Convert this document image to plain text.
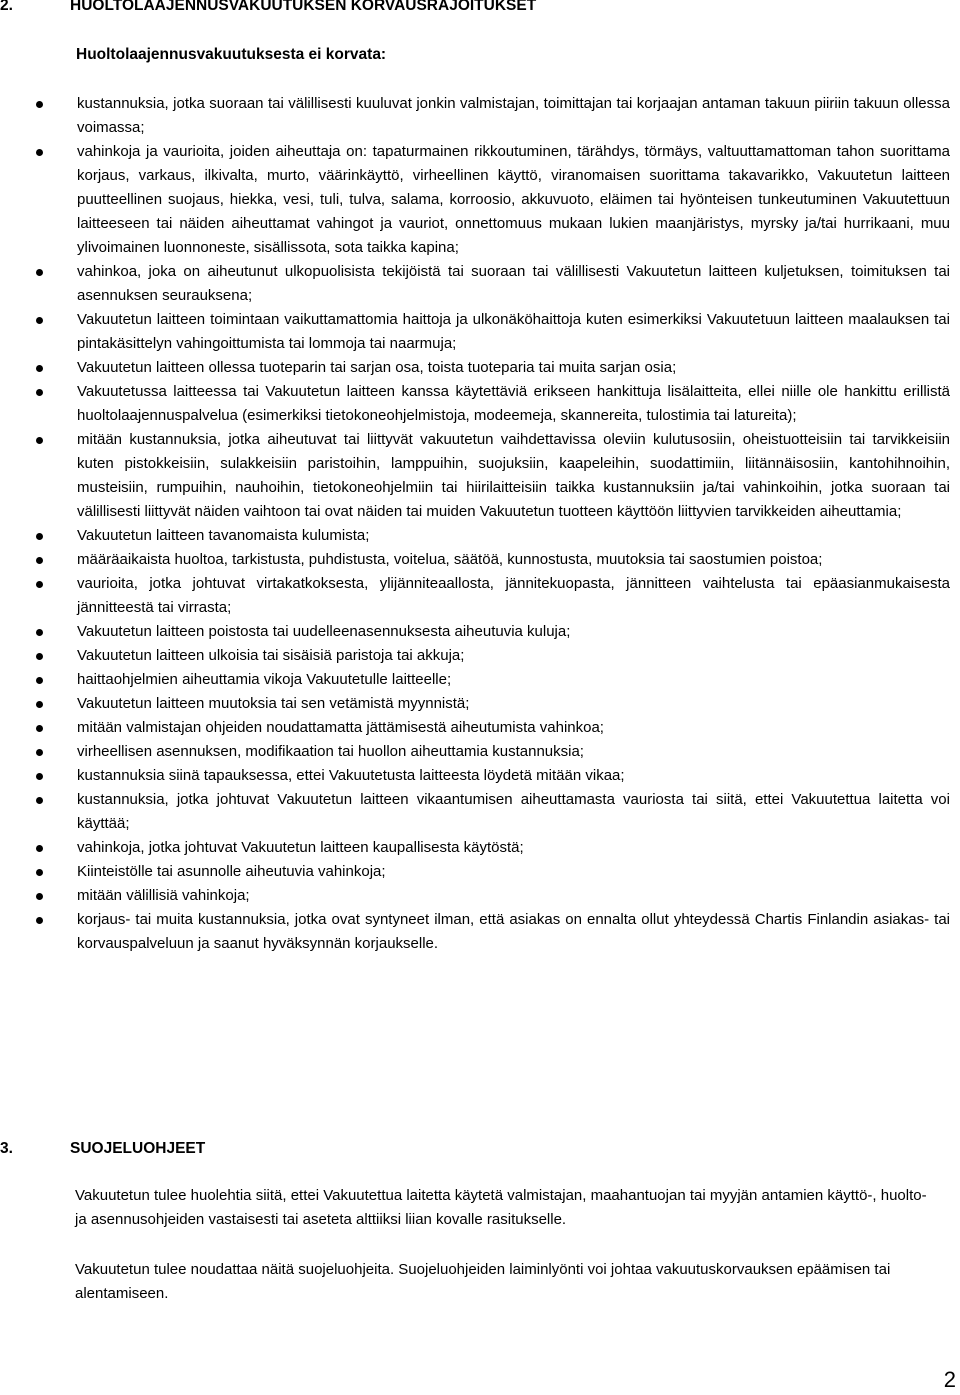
2.	HUOLTOLAAJENNUSVAKUUTUKSEN KORVAUSRAJOITUKSET
Huoltolaajennusvakuutuksesta ei korvata:
kustannuksia, jotka suoraan tai välillisesti kuuluvat jonkin valmistajan, toimittajan tai korjaajan antaman takuun piiriin takuun ollessa voimassa;
vahinkoja ja vaurioita, joiden aiheuttaja on: tapaturmainen rikkoutuminen, tärähdys, törmäys, valtuuttamattoman tahon suorittama korjaus, varkaus, ilkivalta, murto, väärinkäyttö, virheellinen käyttö, viranomaisen suorittama takavarikko, Vakuutetun laitteen puutteellinen suojaus, hiekka, vesi, tuli, tulva, salama, korroosio, akkuvuoto, eläimen tai hyönteisen tunkeutuminen Vakuutettuun laitteeseen tai näiden aiheuttamat vahingot ja vauriot, onnettomuus mukaan lukien maanjäristys, myrsky ja/tai hurrikaani, muu ylivoimainen luonnoneste, sisällissota, sota taikka kapina;
vahinkoa, joka on aiheutunut ulkopuolisista tekijöistä tai suoraan tai välillisesti Vakuutetun laitteen kuljetuksen, toimituksen tai asennuksen seurauksena;
Vakuutetun laitteen toimintaan vaikuttamattomia haittoja ja ulkonäköhaittoja kuten esimerkiksi Vakuutetuun laitteen maalauksen tai pintakäsittelyn vahingoittumista tai lommoja tai naarmuja;
Vakuutetun laitteen ollessa tuoteparin tai sarjan osa, toista tuoteparia tai muita sarjan osia;
Vakuutetussa laitteessa tai Vakuutetun laitteen kanssa käytettäviä erikseen hankittuja lisälaitteita, ellei niille ole hankittu erillistä huoltolaajennuspalvelua (esimerkiksi tietokoneohjelmistoja, modeemeja, skannereita, tulostimia tai latureita);
mitään kustannuksia, jotka aiheutuvat tai liittyvät vakuutetun vaihdettavissa oleviin kulutusosiin, oheistuotteisiin tai tarvikkeisiin kuten pistokkeisiin, sulakkeisiin paristoihin, lamppuihin, suojuksiin, kaapeleihin, suodattimiin, liitännäisosiin, kantohihnoihin, musteisiin, rumpuihin, nauhoihin, tietokoneohjelmiin tai hiirilaitteisiin taikka kustannuksiin ja/tai vahinkoihin, jotka suoraan tai välillisesti liittyvät näiden vaihtoon tai ovat näiden tai muiden Vakuutetun tuotteen käyttöön liittyvien tarvikkeiden aiheuttamia;
Vakuutetun laitteen tavanomaista kulumista;
määräaikaista huoltoa, tarkistusta, puhdistusta, voitelua, säätöä, kunnostusta, muutoksia tai saostumien poistoa;
vaurioita, jotka johtuvat virtakatkoksesta, ylijänniteaallosta, jännitekuopasta, jännitteen vaihtelusta tai epäasianmukaisesta jännitteestä tai virrasta;
Vakuutetun laitteen poistosta tai uudelleenasennuksesta aiheutuvia kuluja;
Vakuutetun laitteen ulkoisia tai sisäisiä paristoja tai akkuja;
haittaohjelmien aiheuttamia vikoja Vakuutetulle laitteelle;
Vakuutetun laitteen muutoksia tai sen vetämistä myynnistä;
mitään valmistajan ohjeiden noudattamatta jättämisestä aiheutumista vahinkoa;
virheellisen asennuksen, modifikaation tai huollon aiheuttamia kustannuksia;
kustannuksia siinä tapauksessa, ettei Vakuutetusta laitteesta löydetä mitään vikaa;
kustannuksia, jotka johtuvat Vakuutetun laitteen vikaantumisen aiheuttamasta vauriosta tai siitä, ettei Vakuutettua laitetta voi käyttää;
vahinkoja, jotka johtuvat Vakuutetun laitteen kaupallisesta käytöstä;
Kiinteistölle tai asunnolle aiheutuvia vahinkoja;
mitään välillisiä vahinkoja;
korjaus- tai muita kustannuksia, jotka ovat syntyneet ilman, että asiakas on ennalta ollut yhteydessä Chartis Finlandin asiakas- tai korvauspalveluun ja saanut hyväksynnän korjaukselle.
3.	SUOJELUOHJEET

Vakuutetun tulee huolehtia siitä, ettei Vakuutettua laitetta käytetä valmistajan, maahantuojan tai myyjän antamien käyttö-, huolto- ja asennusohjeiden vastaisesti tai aseteta alttiiksi liian kovalle rasitukselle.

Vakuutetun tulee noudattaa näitä suojeluohjeita. Suojeluohjeiden laiminlyönti voi johtaa vakuutuskorvauksen epäämisen tai alentamiseen.

2
